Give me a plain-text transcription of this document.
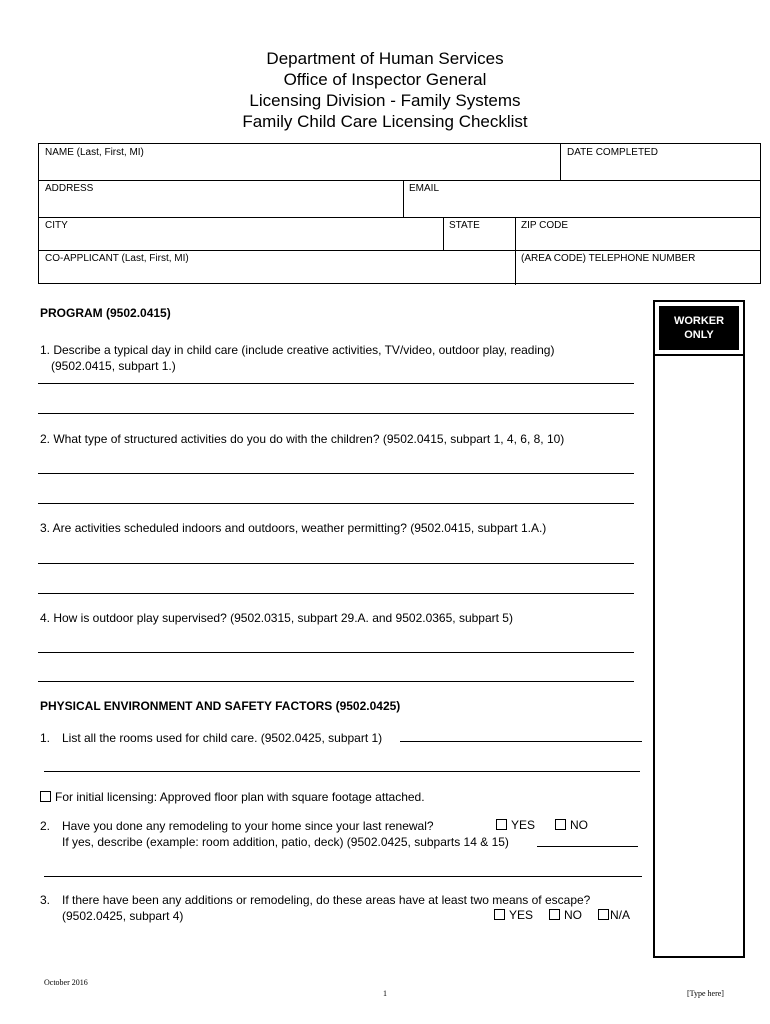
Department of Human Services
Office of Inspector General
Licensing Division - Family Systems
Family Child Care Licensing Checklist
NAME (Last, First, MI)	DATE COMPLETED
ADDRESS	EMAIL
CITY	STATE	ZIP CODE
CO-APPLICANT (Last, First, MI)	(AREA CODE) TELEPHONE NUMBER
WORKER
ONLY
PROGRAM (9502.0415)
1. Describe a typical day in child care (include creative activities, TV/video, outdoor play, reading)
(9502.0415, subpart 1.)
2. What type of structured activities do you do with the children? (9502.0415, subpart 1, 4, 6, 8, 10)
3. Are activities scheduled indoors and outdoors, weather permitting? (9502.0415, subpart 1.A.)
4. How is outdoor play supervised? (9502.0315, subpart 29.A. and 9502.0365, subpart 5)
PHYSICAL ENVIRONMENT AND SAFETY FACTORS (9502.0425)
1. List all the rooms used for child care. (9502.0425, subpart 1)
For initial licensing: Approved floor plan with square footage attached.
2. Have you done any remodeling to your home since your last renewal?	YES	NO
If yes, describe (example: room addition, patio, deck) (9502.0425, subparts 14 & 15)
3. If there have been any additions or remodeling, do these areas have at least two means of escape?
(9502.0425, subpart 4)	YES	NO	N/A
October 2016
1	[Type here]
